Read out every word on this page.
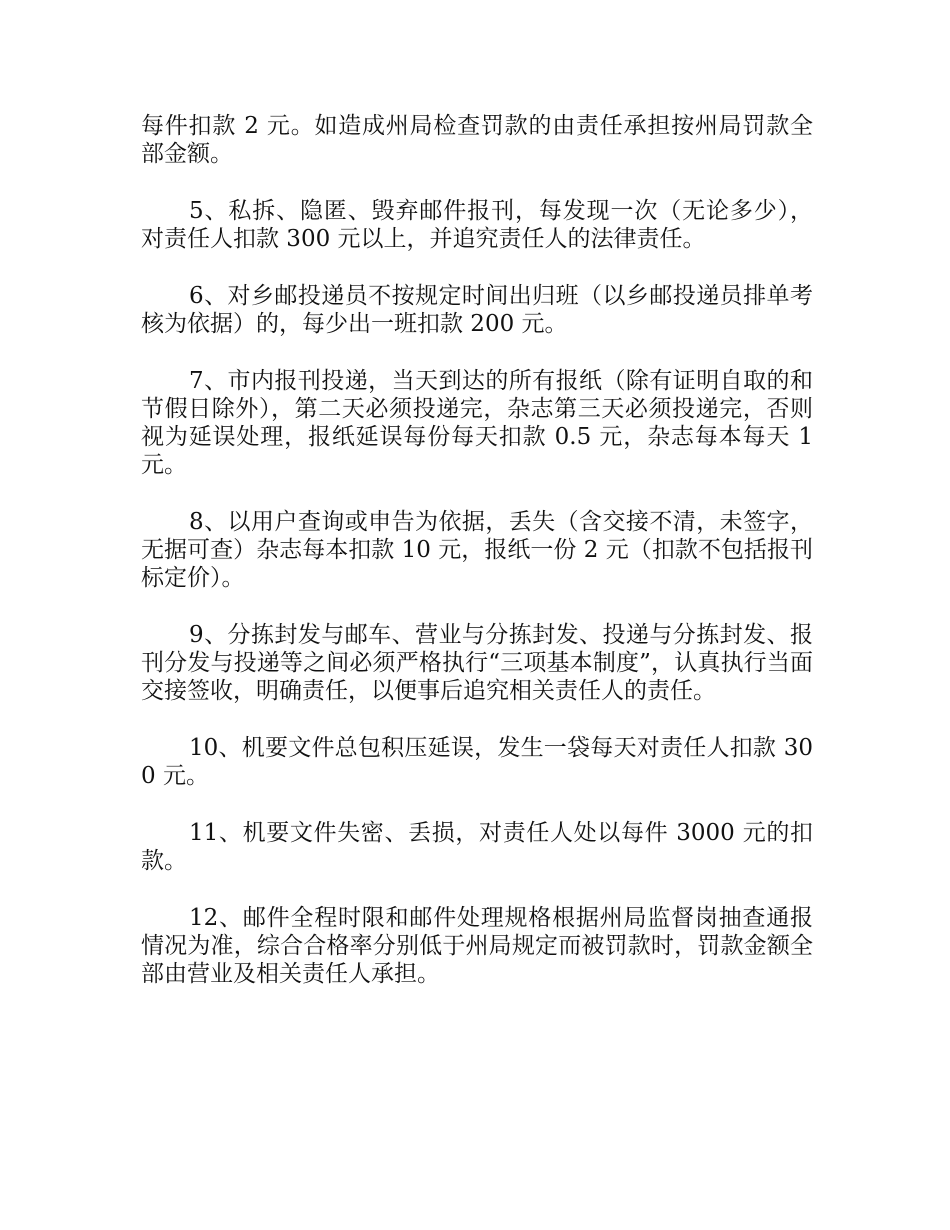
每件扣款 2 元。如造成州局检查罚款的由责任承担按州局罚款全部金额。

5、私拆、隐匿、毁弃邮件报刊，每发现一次（无论多少），对责任人扣款 300 元以上，并追究责任人的法律责任。

6、对乡邮投递员不按规定时间出归班（以乡邮投递员排单考核为依据）的，每少出一班扣款 200 元。

7、市内报刊投递，当天到达的所有报纸（除有证明自取的和节假日除外），第二天必须投递完，杂志第三天必须投递完，否则视为延误处理，报纸延误每份每天扣款 0.5 元，杂志每本每天 1 元。

8、以用户查询或申告为依据，丢失（含交接不清，未签字，无据可查）杂志每本扣款 10 元，报纸一份 2 元（扣款不包括报刊标定价）。

9、分拣封发与邮车、营业与分拣封发、投递与分拣封发、报刊分发与投递等之间必须严格执行“三项基本制度”，认真执行当面交接签收，明确责任，以便事后追究相关责任人的责任。

10、机要文件总包积压延误，发生一袋每天对责任人扣款 300 元。

11、机要文件失密、丢损，对责任人处以每件 3000 元的扣款。

12、邮件全程时限和邮件处理规格根据州局监督岗抽查通报情况为准，综合合格率分别低于州局规定而被罚款时，罚款金额全部由营业及相关责任人承担。
